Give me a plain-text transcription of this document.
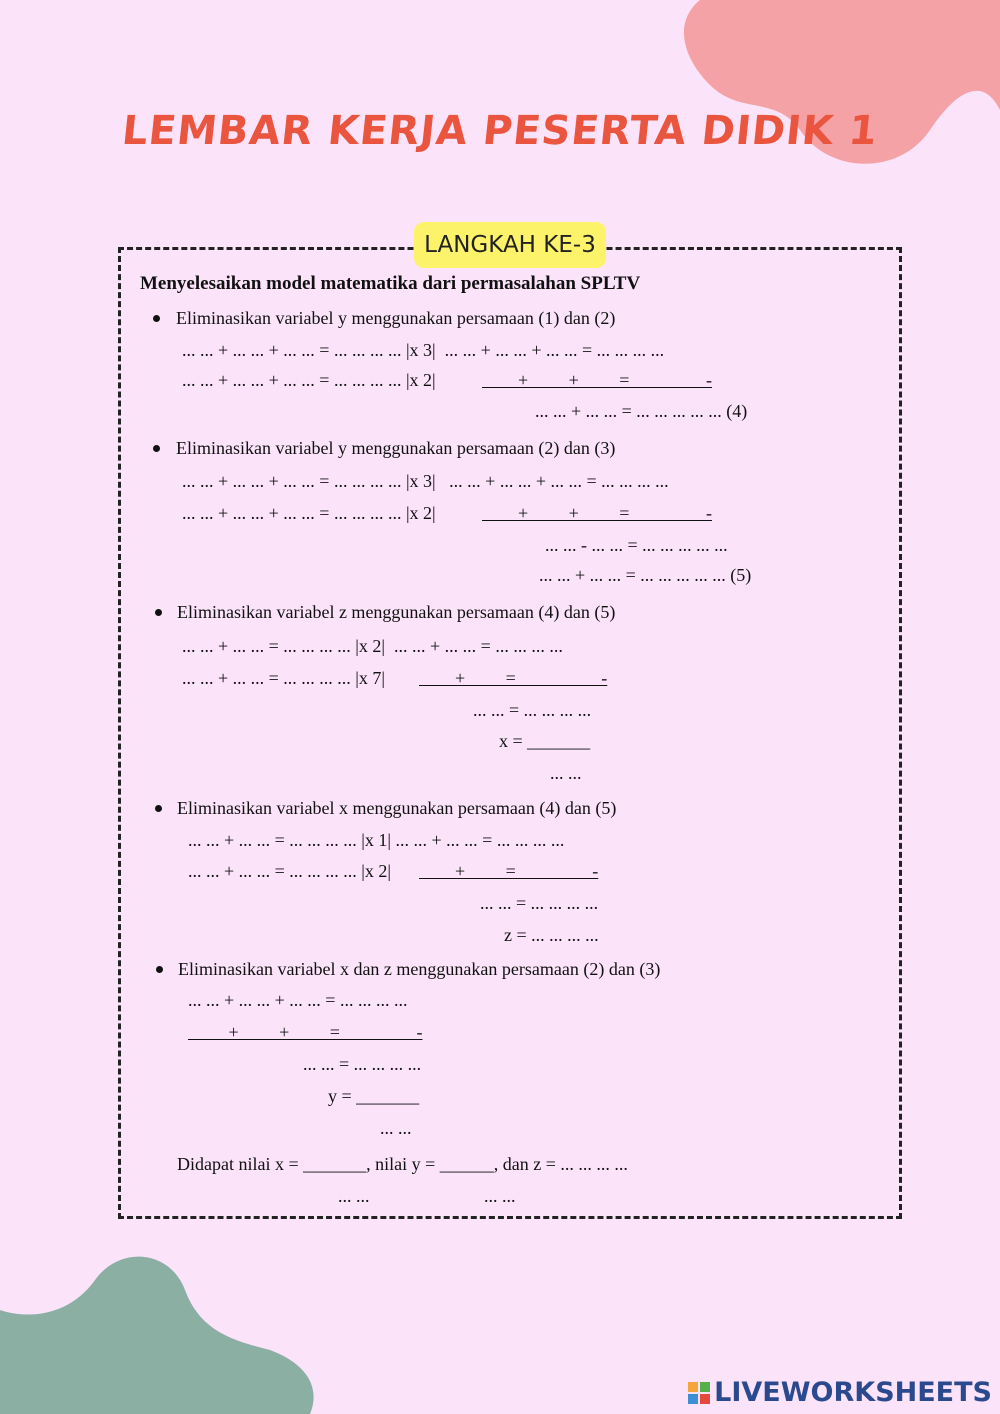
LEMBAR KERJA PESERTA DIDIK 1
LANGKAH KE-3
Menyelesaikan model matematika dari permasalahan SPLTV
Eliminasikan variabel y menggunakan persamaan (1) dan (2)
... ... + ... ... + ... ... = ... ... ... ... |x 3|  ... ... + ... ... + ... ... = ... ... ... ...
... ... + ... ... + ... ... = ... ... ... ... |x 2|	+         +         =                 -
... ... + ... ... = ... ... ... ... ... (4)
Eliminasikan variabel y menggunakan persamaan (2) dan (3)
... ... + ... ... + ... ... = ... ... ... ... |x 3|   ... ... + ... ... + ... ... = ... ... ... ...
... ... + ... ... + ... ... = ... ... ... ... |x 2|	+         +         =                 -
... ... - ... ... = ... ... ... ... ...
... ... + ... ... = ... ... ... ... ... (5)
Eliminasikan variabel z menggunakan persamaan (4) dan (5)
... ... + ... ... = ... ... ... ... |x 2|  ... ... + ... ... = ... ... ... ...
... ... + ... ... = ... ... ... ... |x 7| +         =                   -
... ... = ... ... ... ...
x = _______
... ...
Eliminasikan variabel x menggunakan persamaan (4) dan (5)
... ... + ... ... = ... ... ... ... |x 1| ... ... + ... ... = ... ... ... ...
... ... + ... ... = ... ... ... ... |x 2| +         =                 -
... ... = ... ... ... ...
z = ... ... ... ...
Eliminasikan variabel x dan z menggunakan persamaan (2) dan (3)
... ... + ... ... + ... ... = ... ... ... ...
+         +         =                 -
... ... = ... ... ... ...
y = _______
... ...
Didapat nilai x = _______, nilai y = ______, dan z = ... ... ... ...
... ...	... ...
LIVEWORKSHEETS
